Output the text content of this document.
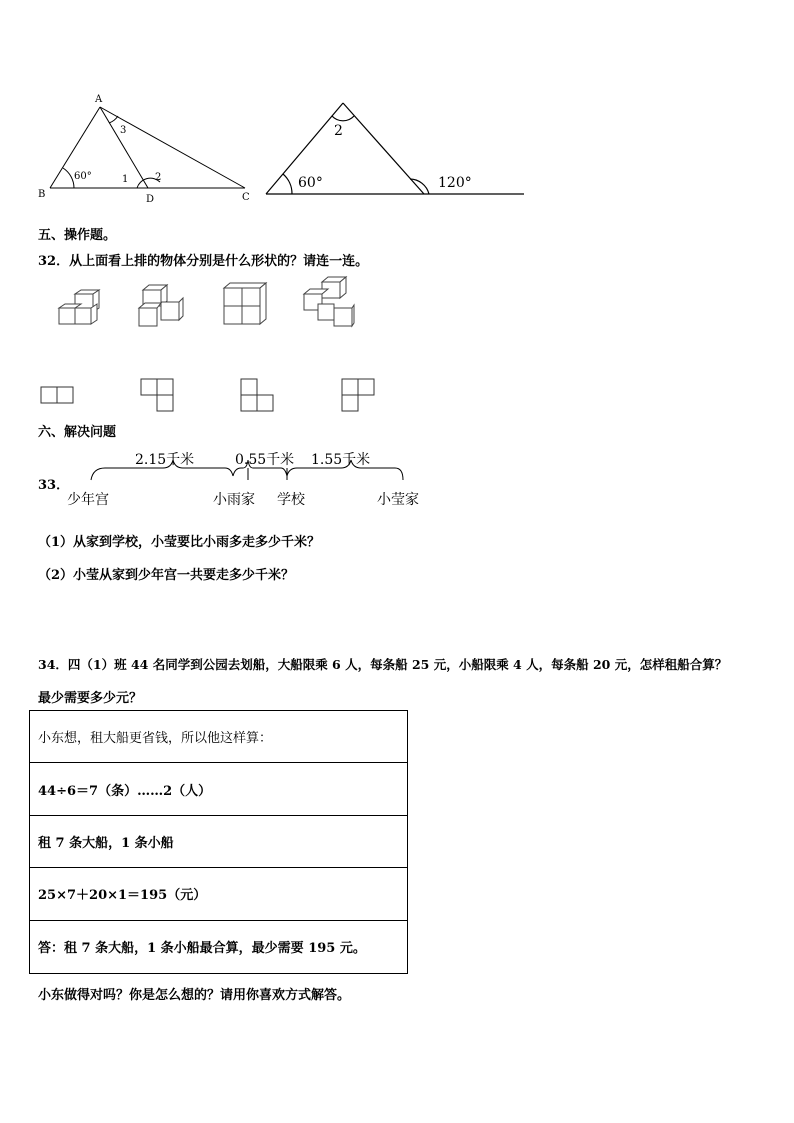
A
B	C
D
60°	1	2
3	2
60°	120°
五、操作题。
32．从上面看上排的物体分别是什么形状的？请连一连。
六、解决问题
33．
2.15千米	0.55千米 1.55千米
少年宫	小雨家 学校	小莹家
（1）从家到学校，小莹要比小雨多走多少千米？
（2）小莹从家到少年宫一共要走多少千米？
34．四（1）班 44 名同学到公园去划船，大船限乘 6 人，每条船 25 元，小船限乘 4 人，每条船 20 元，怎样租船合算？
最少需要多少元？
小东想，租大船更省钱，所以他这样算：
44÷6＝7（条）……2（人）
租 7 条大船，1 条小船
25×7＋20×1＝195（元）
答：租 7 条大船，1 条小船最合算，最少需要 195 元。
小东做得对吗？你是怎么想的？请用你喜欢方式解答。
